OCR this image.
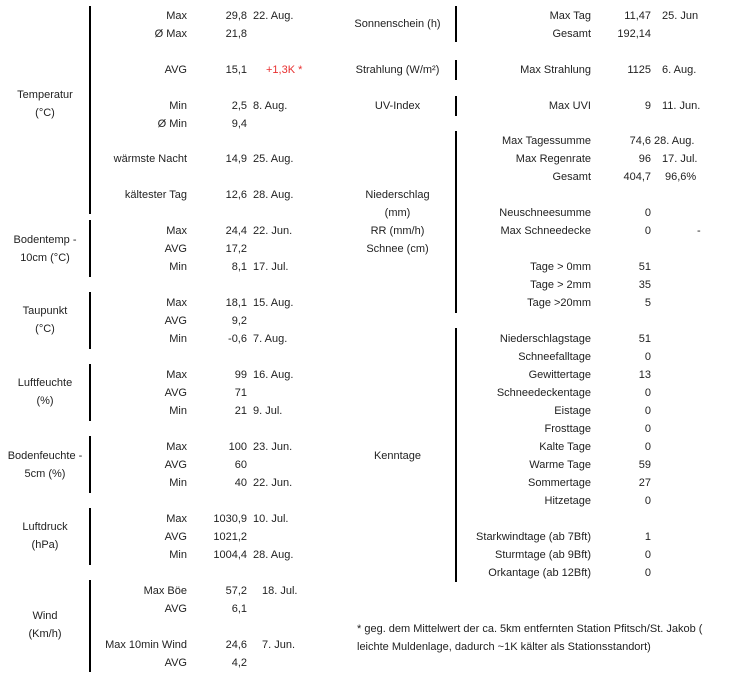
Temperatur
(°C)
Max	29,8 22. Aug.
Ø Max	21,8
AVG	15,1 +1,3K *
Min	2,5 8. Aug.
Ø Min	9,4
wärmste Nacht	14,9 25. Aug.
kältester Tag	12,6 28. Aug.
Bodentemp -
10cm (°C)
Max	24,4 22. Jun.
AVG	17,2
Min	8,1 17. Jul.
Taupunkt
(°C)
Max	18,1 15. Aug.
AVG	9,2
Min	-0,6 7. Aug.
Luftfeuchte
(%)
Max	99 16. Aug.
AVG	71
Min	21 9. Jul.
Bodenfeuchte -
5cm (%)
Max	100 23. Jun.
AVG	60
Min	40 22. Jun.
Luftdruck
(hPa)
Max	1030,9 10. Jul.
AVG	1021,2
Min	1004,4 28. Aug.
Wind
(Km/h)
Max Böe	57,2 18. Jul.
AVG	6,1
Max 10min Wind	24,6 7. Jun.
AVG	4,2
Sonnenschein (h)
Max Tag	11,47 25. Jun
Gesamt	192,14
Strahlung (W/m²)	Max Strahlung	1125 6. Aug.
UV-Index	Max UVI	9 11. Jun.
Niederschlag
(mm)
RR (mm/h)
Schnee (cm)
Max Tagessumme	74,6 28. Aug.
Max Regenrate	96 17. Jul.
Gesamt	404,7 96,6%
Neuschneesumme	0
Max Schneedecke	0	-
Tage > 0mm	51
Tage > 2mm	35
Tage >20mm	5
Kenntage
Niederschlagstage	51
Schneefalltage	0
Gewittertage	13
Schneedeckentage	0
Eistage	0
Frosttage	0
Kalte Tage	0
Warme Tage	59
Sommertage	27
Hitzetage	0
Starkwindtage (ab 7Bft)	1
Sturmtage (ab 9Bft)	0
Orkantage (ab 12Bft)	0
* geg. dem Mittelwert der ca. 5km entfernten Station Pfitsch/St. Jakob (
leichte Muldenlage, dadurch ~1K kälter als Stationsstandort)
